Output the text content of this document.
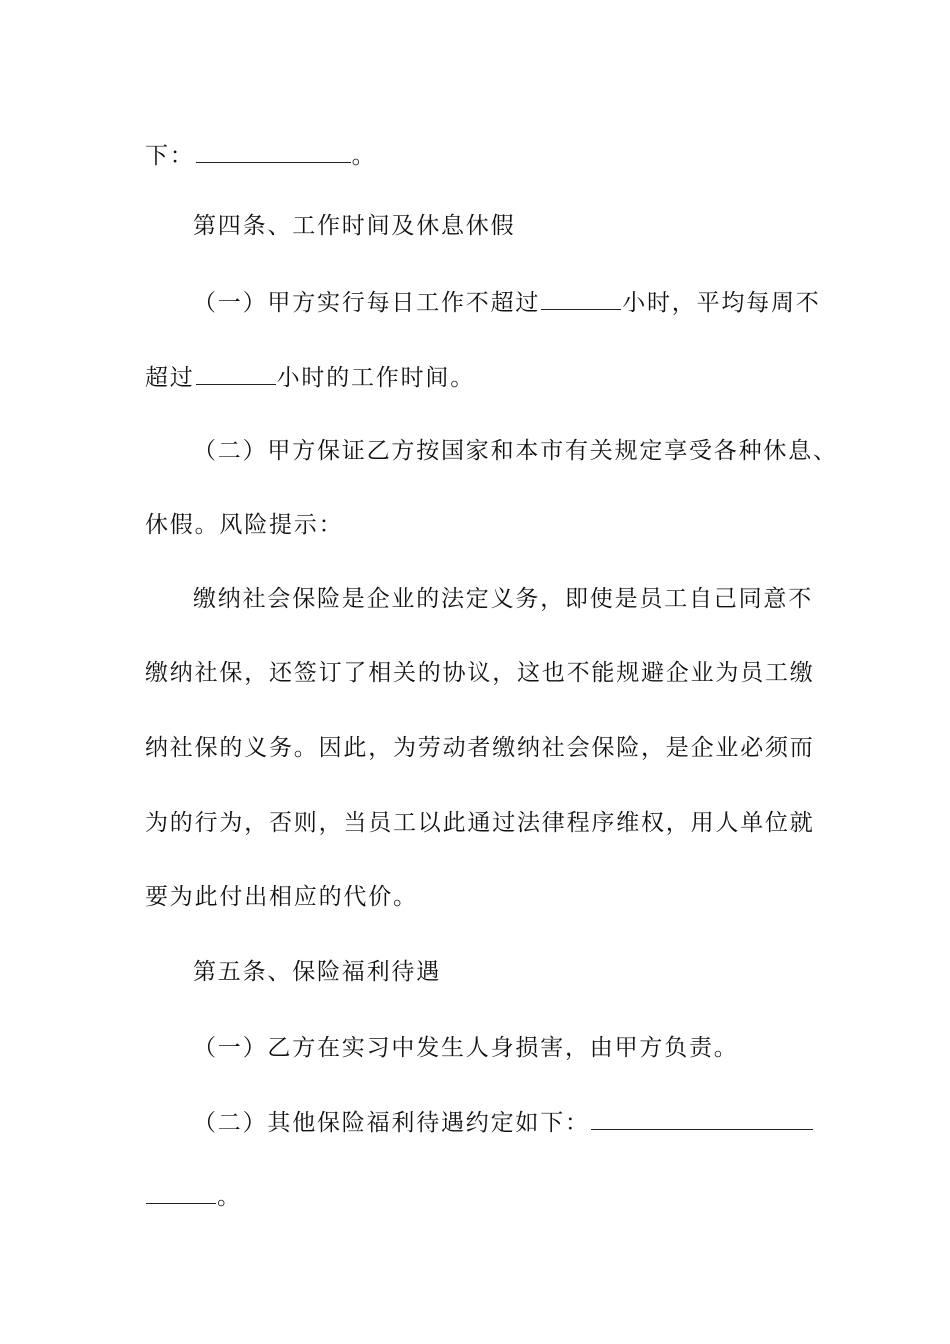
下：	。
第四条、工作时间及休息休假
（一）甲方实行每日工作不超过	小时，平均每周不
超过	小时的工作时间。
（二）甲方保证乙方按国家和本市有关规定享受各种休息、
休假。风险提示：
缴纳社会保险是企业的法定义务，即使是员工自己同意不
缴纳社保，还签订了相关的协议，这也不能规避企业为员工缴
纳社保的义务。因此，为劳动者缴纳社会保险，是企业必须而
为的行为，否则，当员工以此通过法律程序维权，用人单位就
要为此付出相应的代价。
第五条、保险福利待遇
（一）乙方在实习中发生人身损害，由甲方负责。
（二）其他保险福利待遇约定如下：
。
